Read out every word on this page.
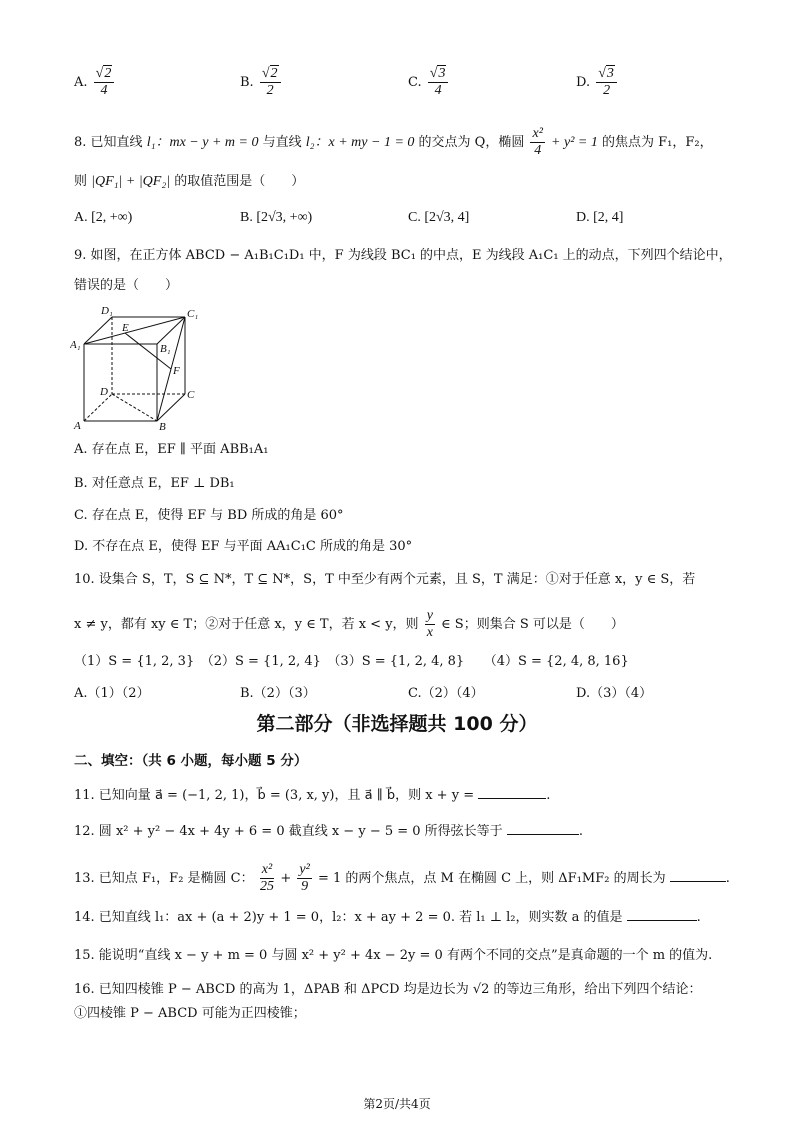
A. $\frac{√2}{4}$	B. $\frac{√2}{2}$	C. $\frac{√3}{4}$	D. $\frac{√3}{2}$
8. 已知直线 l₁：mx − y + m = 0 与直线 l₂：x + my − 1 = 0 的交点为 Q，椭圆 $\frac{\text{x²}}{4} + y^2 = 1$ 的焦点为 F₁，F₂，
则 |QF₁| + |QF₂| 的取值范围是（　　）
A. [2, +∞)	B. [2√3, +∞)	C. [2√3, 4]	D. [2, 4]
9. 如图，在正方体 ABCD − A₁B₁C₁D₁ 中，F 为线段 BC₁ 的中点，E 为线段 A₁C₁ 上的动点，下列四个结论中，
错误的是（　　）
D₁	C₁
A₁	B₁
E
F
D	C
A	B
A. 存在点 E，EF ∥ 平面 ABB₁A₁
B. 对任意点 E，EF ⊥ DB₁
C. 存在点 E，使得 EF 与 BD 所成的角是 60°
D. 不存在点 E，使得 EF 与平面 AA₁C₁C 所成的角是 30°
10. 设集合 S，T，S ⊆ N*，T ⊆ N*，S，T 中至少有两个元素，且 S，T 满足：①对于任意 x，y ∈ S，若
x ≠ y，都有 xy ∈ T；②对于任意 x，y ∈ T，若 x < y，则 $\frac{y}{x}$ ∈ S；则集合 S 可以是（　　）
（1）S = {1, 2, 3}　（2）S = {1, 2, 4}　（3）S = {1, 2, 4, 8}　　（4）S = {2, 4, 8, 16}
A.（1）（2）	B.（2）（3）	C.（2）（4）	D.（3）（4）
第二部分（非选择题共 100 分）
二、填空：（共 6 小题，每小题 5 分）
11. 已知向量 a⃗ = (−1, 2, 1)，b⃗ = (3, x, y)，且 a⃗ ∥ b⃗，则 x + y =	.
12. 圆 x² + y² − 4x + 4y + 6 = 0 截直线 x − y − 5 = 0 所得弦长等于	.
13. 已知点 F₁，F₂ 是椭圆 C： $\frac{\text{x²}}{25} + \frac{\text{y²}}{9} = 1$ 的两个焦点，点 M 在椭圆 C 上，则 ΔF₁MF₂ 的周长为	.
14. 已知直线 l₁：ax + (a + 2)y + 1 = 0，l₂：x + ay + 2 = 0. 若 l₁ ⊥ l₂，则实数 a 的值是	.
15. 能说明“直线 x − y + m = 0 与圆 x² + y² + 4x − 2y = 0 有两个不同的交点”是真命题的一个 m 的值为.
16. 已知四棱锥 P − ABCD 的高为 1，ΔPAB 和 ΔPCD 均是边长为 √2 的等边三角形，给出下列四个结论：
①四棱锥 P − ABCD 可能为正四棱锥；
第2页/共4页
